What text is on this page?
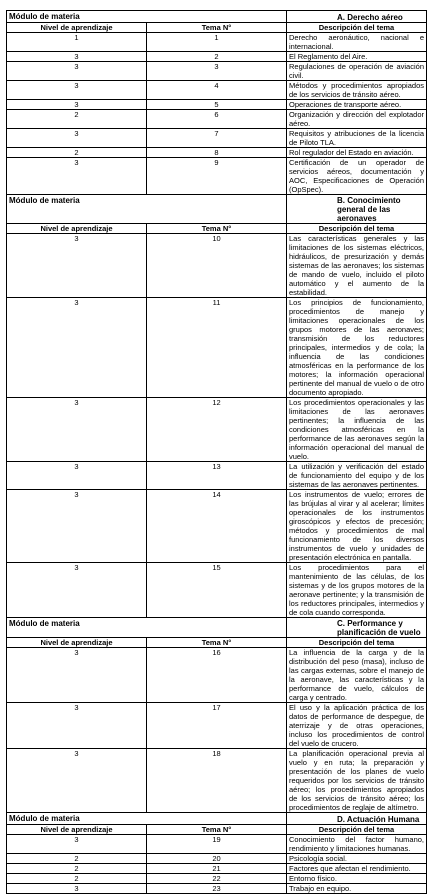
Módulo de materia		A. Derecho aéreo
Nivel de aprendizaje	Tema N°	Descripción del tema
1	1	Derecho aeronáutico, nacional e internacional.
3	2	El Reglamento del Aire.
3	3	Regulaciones de operación de aviación civil.
3	4	Métodos y procedimientos apropiados de los servicios de tránsito aéreo.
3	5	Operaciones de transporte aéreo.
2	6	Organización y dirección del explotador aéreo.
3	7	Requisitos y atribuciones de la licencia de Piloto TLA.
2	8	Rol regulador del Estado en aviación.
3	9	Certificación de un operador de servicios aéreos, documentación y AOC, Especificaciones de Operación (OpSpec).
Módulo de materia		B. Conocimiento general de las aeronaves
Nivel de aprendizaje	Tema N°	Descripción del tema
3	10	Las características generales y las limitaciones de los sistemas eléctricos, hidráulicos, de presurización y demás sistemas de las aeronaves; los sistemas de mando de vuelo, incluido el piloto automático y el aumento de la estabilidad.
3	11	Los principios de funcionamiento, procedimientos de manejo y limitaciones operacionales de los grupos motores de las aeronaves; transmisión de los reductores principales, intermedios y de cola; la influencia de las condiciones atmosféricas en la performance de los motores; la información operacional pertinente del manual de vuelo o de otro documento apropiado.
3	12	Los procedimientos operacionales y las limitaciones de las aeronaves pertinentes; la influencia de las condiciones atmosféricas en la performance de las aeronaves según la información operacional del manual de vuelo.
3	13	La utilización y verificación del estado de funcionamiento del equipo y de los sistemas de las aeronaves pertinentes.
3	14	Los instrumentos de vuelo; errores de las brújulas al virar y al acelerar; límites operacionales de los instrumentos giroscópicos y efectos de precesión; métodos y procedimientos de mal funcionamiento de los diversos instrumentos de vuelo y unidades de presentación electrónica en pantalla.
3	15	Los procedimientos para el mantenimiento de las células, de los sistemas y de los grupos motores de la aeronave pertinente; y la transmisión de los reductores principales, intermedios y de cola cuando corresponda.
Módulo de materia		C. Performance y planificación de vuelo
Nivel de aprendizaje	Tema N°	Descripción del tema
3	16	La influencia de la carga y de la distribución del peso (masa), incluso de las cargas externas, sobre el manejo de la aeronave, las características y la performance de vuelo, cálculos de carga y centrado.
3	17	El uso y la aplicación práctica de los datos de performance de despegue, de aterrizaje y de otras operaciones, incluso los procedimientos de control del vuelo de crucero.
3	18	La planificación operacional previa al vuelo y en ruta; la preparación y presentación de los planes de vuelo requeridos por los servicios de tránsito aéreo; los procedimientos apropiados de los servicios de tránsito aéreo; los procedimientos de reglaje de altímetro.
Módulo de materia		D. Actuación Humana
Nivel de aprendizaje	Tema N°	Descripción del tema
3	19	Conocimiento del factor humano, rendimiento y limitaciones humanas.
2	20	Psicología social.
2	21	Factores que afectan el rendimiento.
2	22	Entorno físico.
3	23	Trabajo en equipo.
